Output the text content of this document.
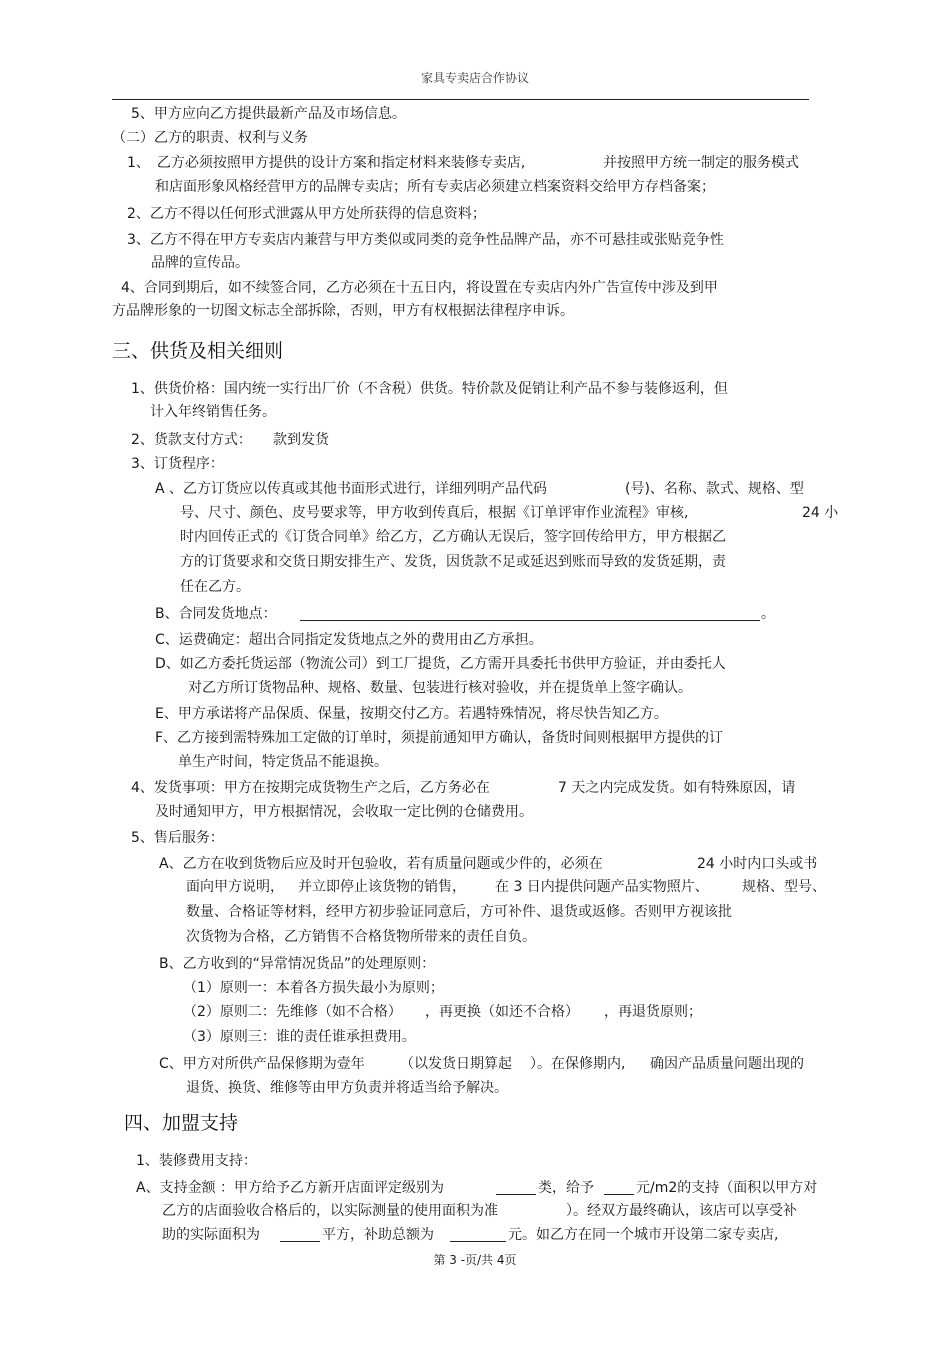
家具专卖店合作协议
5、甲方应向乙方提供最新产品及市场信息。
（二）乙方的职责、权利与义务
1、　乙方必须按照甲方提供的设计方案和指定材料来装修专卖店,	并按照甲方统一制定的服务模式
和店面形象风格经营甲方的品牌专卖店；所有专卖店必须建立档案资料交给甲方存档备案；
2、乙方不得以任何形式泄露从甲方处所获得的信息资料；
3、乙方不得在甲方专卖店内兼营与甲方类似或同类的竞争性品牌产品，亦不可悬挂或张贴竞争性
品牌的宣传品。
4、合同到期后，如不续签合同，乙方必须在十五日内，将设置在专卖店内外广告宣传中涉及到甲
方品牌形象的一切图文标志全部拆除，否则，甲方有权根据法律程序申诉。
三、供货及相关细则
1、供货价格：国内统一实行出厂价（不含税）供货。特价款及促销让利产品不参与装修返利，但
计入年终销售任务。
2、货款支付方式： 款到发货
3、订货程序：
A 、乙方订货应以传真或其他书面形式进行，详细列明产品代码	(号)、名称、款式、规格、型
号、尺寸、颜色、皮号要求等，甲方收到传真后，根据《订单评审作业流程》审核,	24 小
时内回传正式的《订货合同单》给乙方，乙方确认无误后，签字回传给甲方，甲方根据乙
方的订货要求和交货日期安排生产、发货，因货款不足或延迟到账而导致的发货延期，责
任在乙方。
B、合同发货地点：	。
C、运费确定：超出合同指定发货地点之外的费用由乙方承担。
D、如乙方委托货运部（物流公司）到工厂提货，乙方需开具委托书供甲方验证，并由委托人
对乙方所订货物品种、规格、数量、包装进行核对验收，并在提货单上签字确认。
E、甲方承诺将产品保质、保量，按期交付乙方。若遇特殊情况，将尽快告知乙方。
F、乙方接到需特殊加工定做的订单时，须提前通知甲方确认，备货时间则根据甲方提供的订
单生产时间，特定货品不能退换。
4、发货事项：甲方在按期完成货物生产之后，乙方务必在	7 天之内完成发货。如有特殊原因，请
及时通知甲方，甲方根据情况，会收取一定比例的仓储费用。
5、售后服务：
A、乙方在收到货物后应及时开包验收，若有质量问题或少件的，必须在	24 小时内口头或书
面向甲方说明， 并立即停止该货物的销售， 在 3 日内提供问题产品实物照片、 规格、型号、
数量、合格证等材料，经甲方初步验证同意后，方可补件、退货或返修。否则甲方视该批
次货物为合格，乙方销售不合格货物所带来的责任自负。
B、乙方收到的“异常情况货品”的处理原则：
（1）原则一：本着各方损失最小为原则；
（2）原则二：先维修（如不合格） ，再更换（如还不合格） ，再退货原则；
（3）原则三：谁的责任谁承担费用。
C、甲方对所供产品保修期为壹年	（以发货日期算起 ）。在保修期内, 确因产品质量问题出现的
退货、换货、维修等由甲方负责并将适当给予解决。
四、加盟支持
1、装修费用支持：
A、支持金额 ：甲方给予乙方新开店面评定级别为	类，给予	元/m2的支持（面积以甲方对
乙方的店面验收合格后的，以实际测量的使用面积为准	）。经双方最终确认，该店可以享受补
助的实际面积为	平方，补助总额为	元。如乙方在同一个城市开设第二家专卖店,
第 3 -页/共 4页
